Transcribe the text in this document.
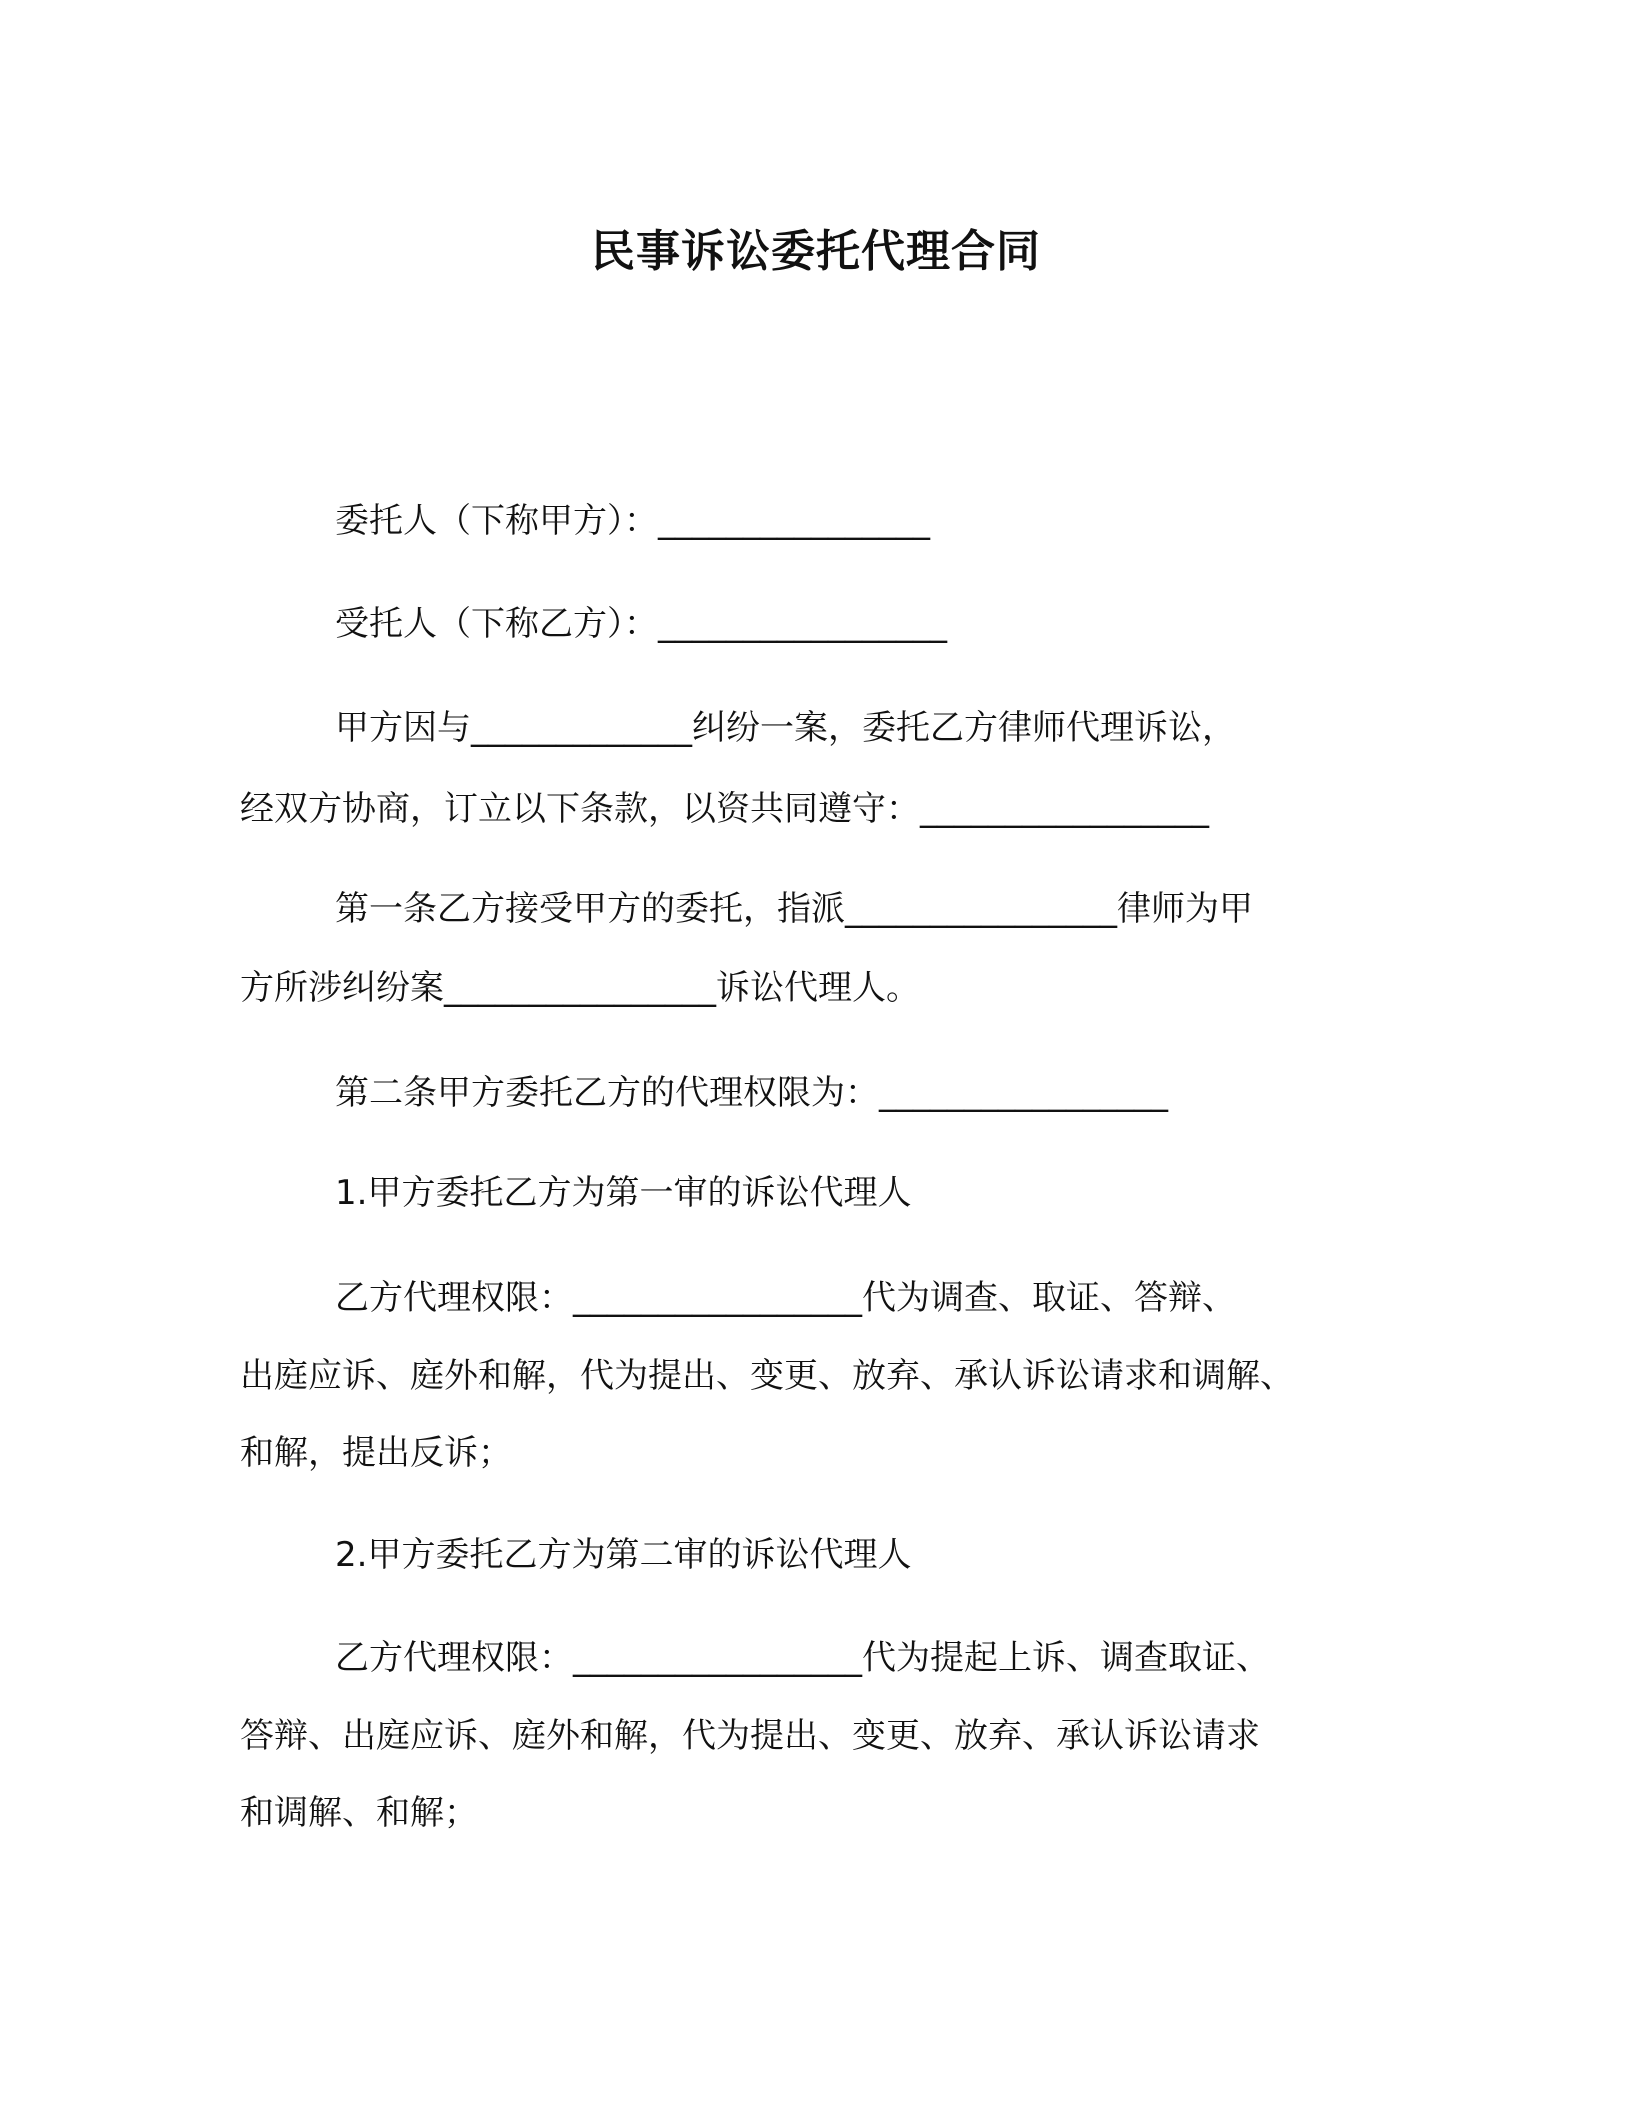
民事诉讼委托代理合同
委托人（下称甲方）：________________
受托人（下称乙方）：_________________
甲方因与_____________纠纷一案，委托乙方律师代理诉讼，
经双方协商，订立以下条款，以资共同遵守：_________________
第一条乙方接受甲方的委托，指派________________律师为甲
方所涉纠纷案________________诉讼代理人。
第二条甲方委托乙方的代理权限为：_________________
1.甲方委托乙方为第一审的诉讼代理人
乙方代理权限：_________________代为调查、取证、答辩、
出庭应诉、庭外和解，代为提出、变更、放弃、承认诉讼请求和调解、
和解，提出反诉；
2.甲方委托乙方为第二审的诉讼代理人
乙方代理权限：_________________代为提起上诉、调查取证、
答辩、出庭应诉、庭外和解，代为提出、变更、放弃、承认诉讼请求
和调解、和解；
